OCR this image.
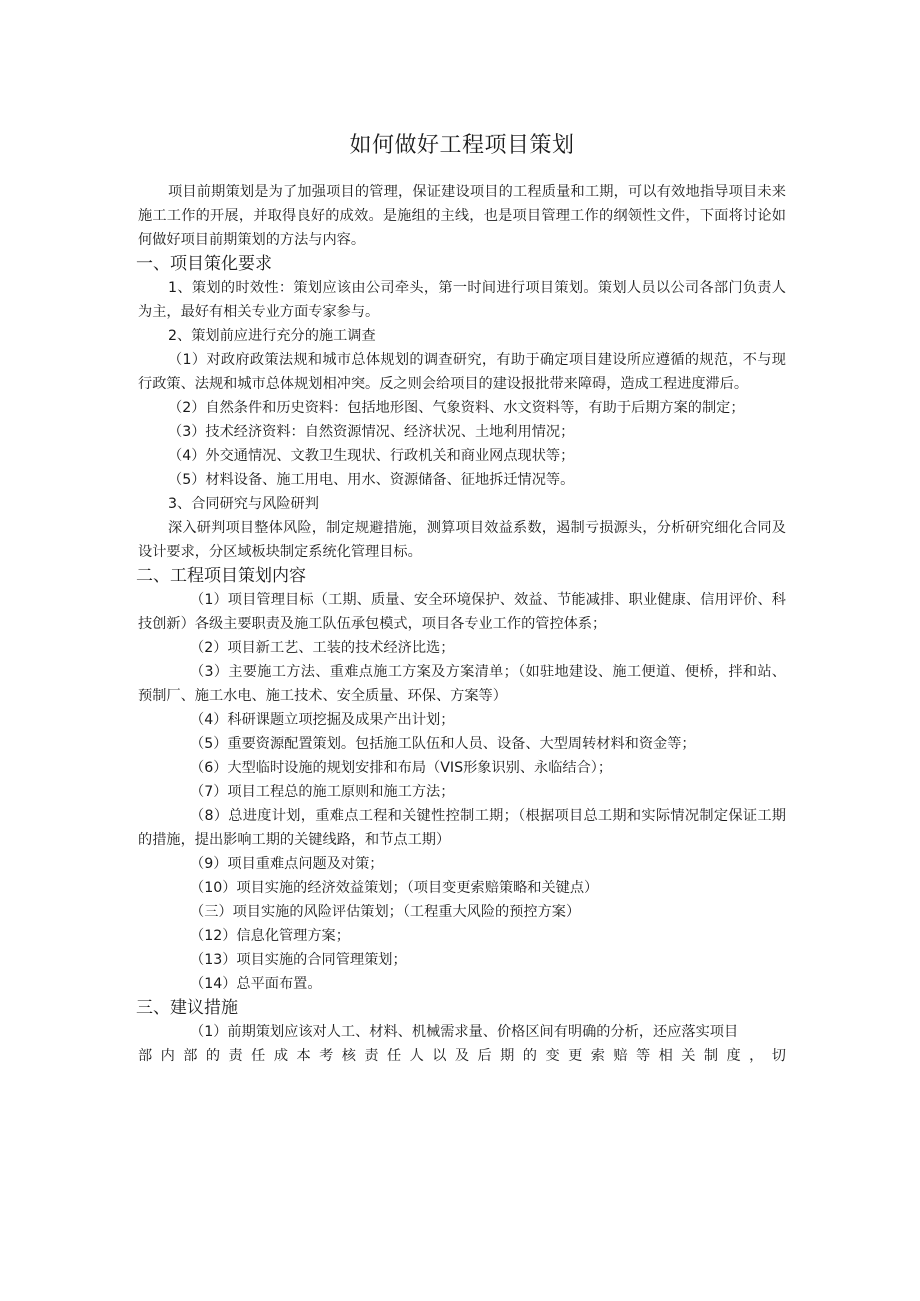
如何做好工程项目策划

项目前期策划是为了加强项目的管理，保证建设项目的工程质量和工期，可以有效地指导项目未来施工工作的开展，并取得良好的成效。是施组的主线，也是项目管理工作的纲领性文件，下面将讨论如何做好项目前期策划的方法与内容。

一、项目策化要求

1、策划的时效性：策划应该由公司牵头，第一时间进行项目策划。策划人员以公司各部门负责人为主，最好有相关专业方面专家参与。

2、策划前应进行充分的施工调查

（1）对政府政策法规和城市总体规划的调查研究，有助于确定项目建设所应遵循的规范，不与现行政策、法规和城市总体规划相冲突。反之则会给项目的建设报批带来障碍，造成工程进度滞后。

（2）自然条件和历史资料：包括地形图、气象资料、水文资料等，有助于后期方案的制定；

（3）技术经济资料：自然资源情况、经济状况、土地利用情况；

（4）外交通情况、文教卫生现状、行政机关和商业网点现状等；

（5）材料设备、施工用电、用水、资源储备、征地拆迁情况等。

3、合同研究与风险研判

深入研判项目整体风险，制定规避措施，测算项目效益系数，遏制亏损源头，分析研究细化合同及设计要求，分区域板块制定系统化管理目标。

二、工程项目策划内容

（1）项目管理目标（工期、质量、安全环境保护、效益、节能减排、职业健康、信用评价、科技创新）各级主要职责及施工队伍承包模式，项目各专业工作的管控体系；

（2）项目新工艺、工装的技术经济比选；

（3）主要施工方法、重难点施工方案及方案清单；（如驻地建设、施工便道、便桥，拌和站、预制厂、施工水电、施工技术、安全质量、环保、方案等）

（4）科研课题立项挖掘及成果产出计划；

（5）重要资源配置策划。包括施工队伍和人员、设备、大型周转材料和资金等；

（6）大型临时设施的规划安排和布局（VIS形象识别、永临结合）；

（7）项目工程总的施工原则和施工方法；

（8）总进度计划，重难点工程和关键性控制工期；（根据项目总工期和实际情况制定保证工期的措施，提出影响工期的关键线路，和节点工期）

（9）项目重难点问题及对策；

（10）项目实施的经济效益策划；（项目变更索赔策略和关键点）

（三）项目实施的风险评估策划；（工程重大风险的预控方案）

（12）信息化管理方案；

（13）项目实施的合同管理策划；

（14）总平面布置。

三、建议措施

（1）前期策划应该对人工、材料、机械需求量、价格区间有明确的分析，还应落实项目

部内部的责任成本考核责任人以及后期的变更索赔等相关制度，切
